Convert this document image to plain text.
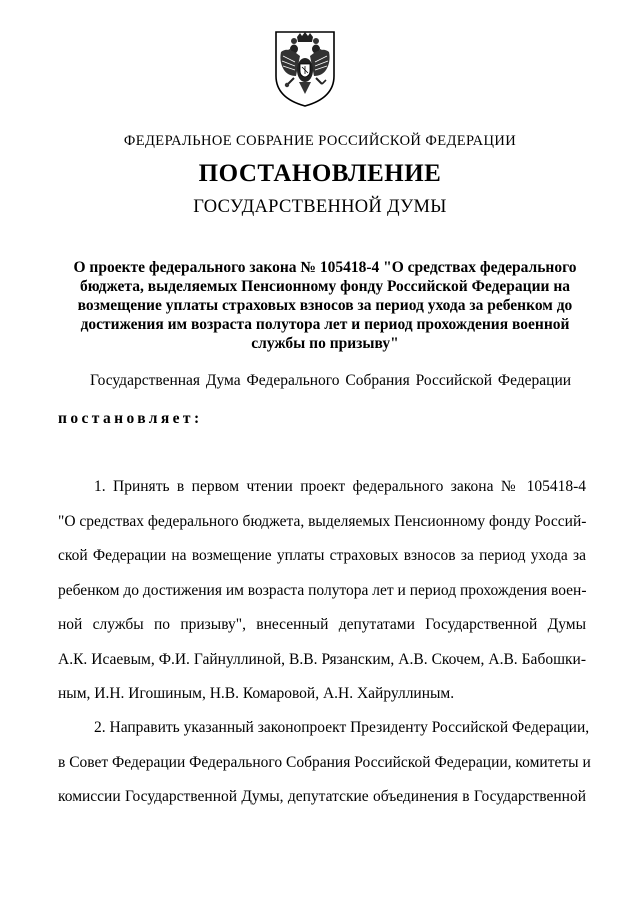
ФЕДЕРАЛЬНОЕ СОБРАНИЕ РОССИЙСКОЙ ФЕДЕРАЦИИ
ПОСТАНОВЛЕНИЕ
ГОСУДАРСТВЕННОЙ ДУМЫ
О проекте федерального закона № 105418-4 "О средствах федерального
бюджета, выделяемых Пенсионному фонду Российской Федерации на
возмещение уплаты страховых взносов за период ухода за ребенком до
достижения им возраста полутора лет и период прохождения военной
службы по призыву"
Государственная Дума Федерального Собрания Российской Федерации
постановляет:
1. Принять в первом чтении проект федерального закона № 105418-4
"О средствах федерального бюджета, выделяемых Пенсионному фонду Россий-
ской Федерации на возмещение уплаты страховых взносов за период ухода за
ребенком до достижения им возраста полутора лет и период прохождения воен-
ной службы по призыву", внесенный депутатами Государственной Думы
А.К. Исаевым, Ф.И. Гайнуллиной, В.В. Рязанским, А.В. Скочем, А.В. Бабошки-
ным, И.Н. Игошиным, Н.В. Комаровой, А.Н. Хайруллиным.
2. Направить указанный законопроект Президенту Российской Федерации,
в Совет Федерации Федерального Собрания Российской Федерации, комитеты и
комиссии Государственной Думы, депутатские объединения в Государственной
